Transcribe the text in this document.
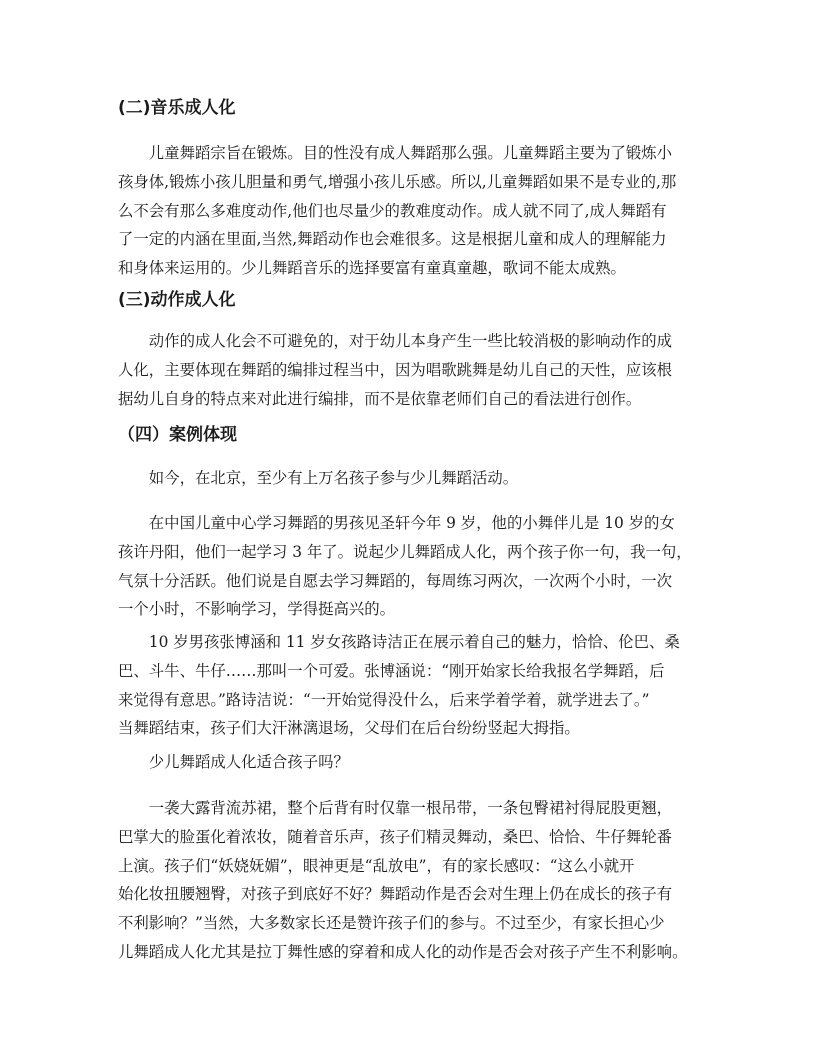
(二)音乐成人化
　　儿童舞蹈宗旨在锻炼。目的性没有成人舞蹈那么强。儿童舞蹈主要为了锻炼小
孩身体,锻炼小孩儿胆量和勇气,增强小孩儿乐感。所以,儿童舞蹈如果不是专业的,那
么不会有那么多难度动作,他们也尽量少的教难度动作。成人就不同了,成人舞蹈有
了一定的内涵在里面,当然,舞蹈动作也会难很多。这是根据儿童和成人的理解能力
和身体来运用的。少儿舞蹈音乐的选择要富有童真童趣，歌词不能太成熟。
(三)动作成人化
　　动作的成人化会不可避免的，对于幼儿本身产生一些比较消极的影响动作的成
人化，主要体现在舞蹈的编排过程当中，因为唱歌跳舞是幼儿自己的天性，应该根
据幼儿自身的特点来对此进行编排，而不是依靠老师们自己的看法进行创作。
（四）案例体现
　　如今，在北京，至少有上万名孩子参与少儿舞蹈活动。
　　在中国儿童中心学习舞蹈的男孩见圣轩今年 9 岁，他的小舞伴儿是 10 岁的女
孩许丹阳，他们一起学习 3 年了。说起少儿舞蹈成人化，两个孩子你一句，我一句，
气氛十分活跃。他们说是自愿去学习舞蹈的，每周练习两次，一次两个小时，一次
一个小时，不影响学习，学得挺高兴的。
　　10 岁男孩张博涵和 11 岁女孩路诗洁正在展示着自己的魅力，恰恰、伦巴、桑
巴、斗牛、牛仔……那叫一个可爱。张博涵说：“刚开始家长给我报名学舞蹈，后
来觉得有意思。”路诗洁说：“一开始觉得没什么，后来学着学着，就学进去了。”
当舞蹈结束，孩子们大汗淋漓退场，父母们在后台纷纷竖起大拇指。
　　少儿舞蹈成人化适合孩子吗？
　　一袭大露背流苏裙，整个后背有时仅靠一根吊带，一条包臀裙衬得屁股更翘，
巴掌大的脸蛋化着浓妆，随着音乐声，孩子们精灵舞动，桑巴、恰恰、牛仔舞轮番
上演。孩子们“妖娆妩媚”，眼神更是“乱放电”，有的家长感叹：“这么小就开
始化妆扭腰翘臀，对孩子到底好不好？舞蹈动作是否会对生理上仍在成长的孩子有
不利影响？”当然，大多数家长还是赞许孩子们的参与。不过至少，有家长担心少
儿舞蹈成人化尤其是拉丁舞性感的穿着和成人化的动作是否会对孩子产生不利影响。
